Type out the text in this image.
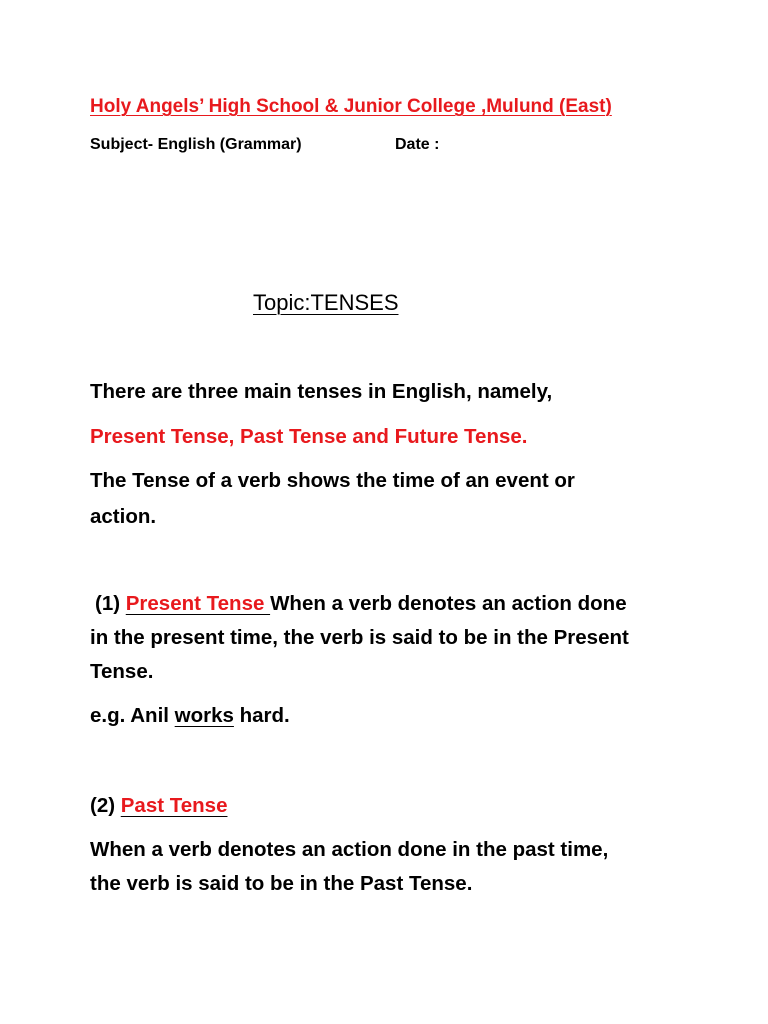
Holy Angels’ High School & Junior College ,Mulund (East)
Subject- English (Grammar)	Date :
Topic:TENSES
There are three main tenses in English, namely,
Present Tense, Past Tense and Future Tense.
The Tense of a verb shows the time of an event or
action.
(1) Present Tense When a verb denotes an action done
in the present time, the verb is said to be in the Present
Tense.
e.g. Anil works hard.
(2) Past Tense
When a verb denotes an action done in the past time,
the verb is said to be in the Past Tense.
